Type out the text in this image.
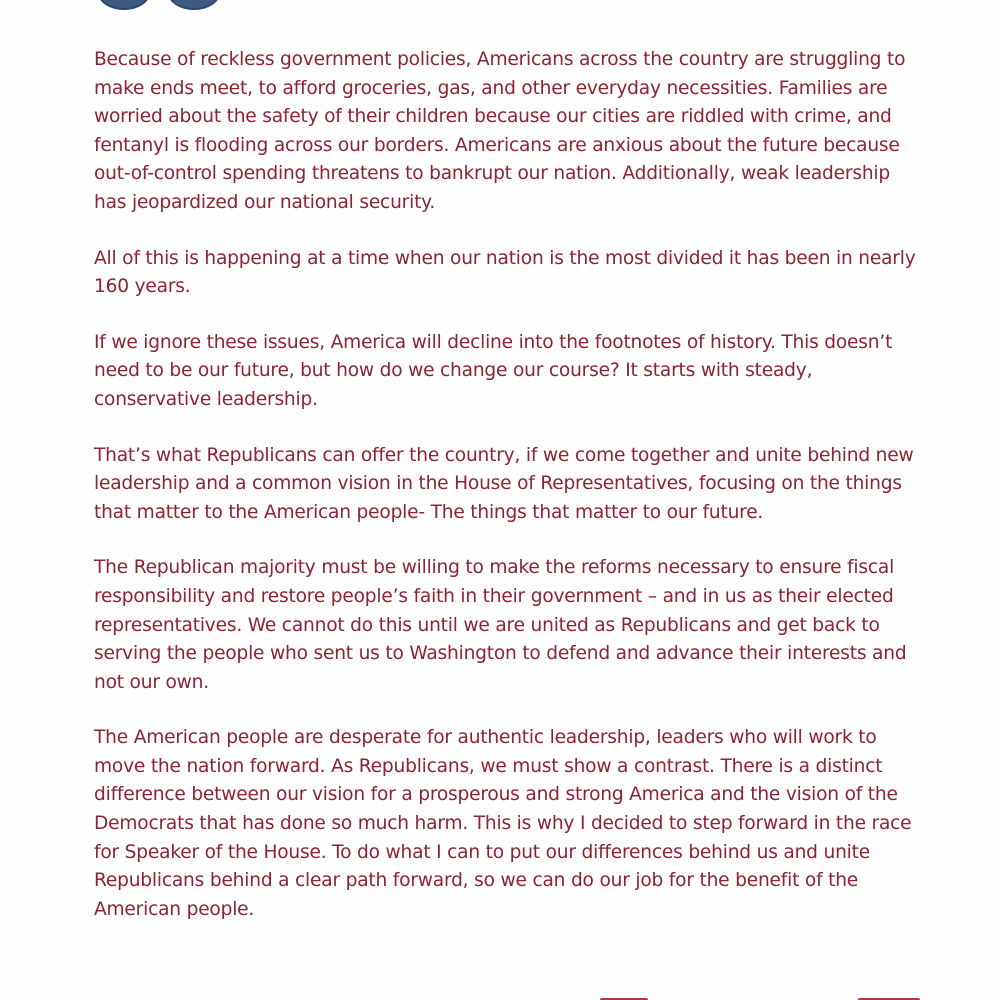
Because of reckless government policies, Americans across the country are struggling to make ends meet, to afford groceries, gas, and other everyday necessities. Families are worried about the safety of their children because our cities are riddled with crime, and fentanyl is flooding across our borders. Americans are anxious about the future because out-of-control spending threatens to bankrupt our nation. Additionally, weak leadership has jeopardized our national security.

All of this is happening at a time when our nation is the most divided it has been in nearly 160 years.

If we ignore these issues, America will decline into the footnotes of history. This doesn’t need to be our future, but how do we change our course? It starts with steady, conservative leadership.

That’s what Republicans can offer the country, if we come together and unite behind new leadership and a common vision in the House of Representatives, focusing on the things that matter to the American people- The things that matter to our future.

The Republican majority must be willing to make the reforms necessary to ensure fiscal responsibility and restore people’s faith in their government – and in us as their elected representatives. We cannot do this until we are united as Republicans and get back to serving the people who sent us to Washington to defend and advance their interests and not our own.

The American people are desperate for authentic leadership, leaders who will work to move the nation forward. As Republicans, we must show a contrast. There is a distinct difference between our vision for a prosperous and strong America and the vision of the Democrats that has done so much harm. This is why I decided to step forward in the race for Speaker of the House. To do what I can to put our differences behind us and unite Republicans behind a clear path forward, so we can do our job for the benefit of the American people.
